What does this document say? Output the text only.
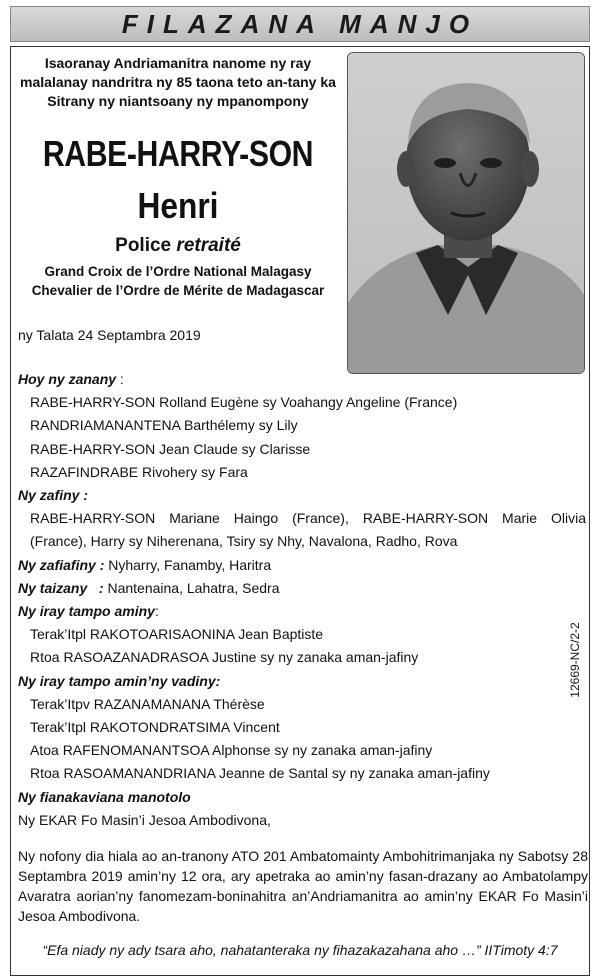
FILAZANA MANJO
Isaoranay Andriamanitra nanome ny ray malalanay nandritra ny 85 taona teto an-tany ka Sitrany ny niantsoany ny mpanompony
RABE-HARRY-SON
Henri
Police retraité
Grand Croix de l’Ordre National Malagasy
Chevalier de l’Ordre de Mérite de Madagascar
ny Talata 24 Septambra 2019
Hoy ny zanany :
RABE-HARRY-SON Rolland Eugène sy Voahangy Angeline (France)
RANDRIAMANANTENA Barthélemy sy Lily
RABE-HARRY-SON Jean Claude sy Clarisse
RAZAFINDRABE Rivohery sy Fara
Ny zafiny :
RABE-HARRY-SON Mariane Haingo (France), RABE-HARRY-SON Marie Olivia (France), Harry sy Niherenana, Tsiry sy Nhy, Navalona, Radho, Rova
Ny zafiafiny : Nyharry, Fanamby, Haritra
Ny taizany   : Nantenaina, Lahatra, Sedra
Ny iray tampo aminy:
Terak’Itpl RAKOTOARISAONINA Jean Baptiste
Rtoa RASOAZANADRASOA Justine sy ny zanaka aman-jafiny
Ny iray tampo amin’ny vadiny:
Terak’Itpv RAZANAMANANA Thérèse
Terak’Itpl RAKOTONDRATSIMA Vincent
Atoa RAFENOMANANTSOA Alphonse sy ny zanaka aman-jafiny
Rtoa RASOAMANANDRIANA Jeanne de Santal sy ny zanaka aman-jafiny
Ny fianakaviana manotolo
Ny EKAR Fo Masin’i Jesoa Ambodivona,
12669-NC/2-2
Ny nofony dia hiala ao an-tranony ATO 201 Ambatomainty Ambohitrimanjaka ny Sabotsy 28 Septambra 2019 amin’ny 12 ora, ary apetraka ao amin’ny fasan-drazany ao Ambatolampy Avaratra aorian’ny fanomezam-boninahitra an’Andriamanitra ao amin’ny EKAR Fo Masin’i Jesoa Ambodivona.
“Efa niady ny ady tsara aho, nahatanteraka ny fihazakazahana aho …” IITimoty 4:7
